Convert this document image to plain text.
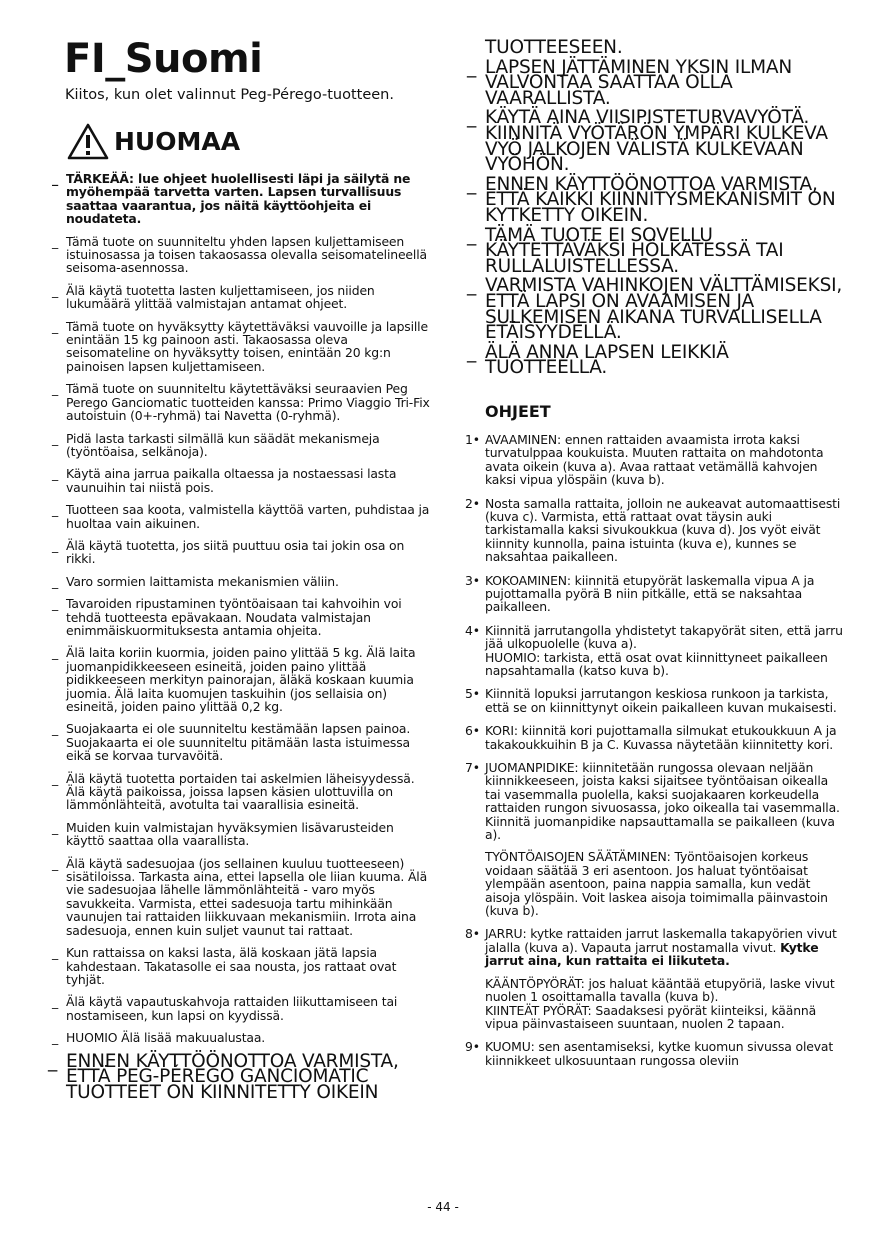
FI_Suomi
Kiitos, kun olet valinnut Peg-Pérego-tuotteen.
HUOMAA
_ TÄRKEÄÄ: lue ohjeet huolellisesti läpi ja säilytä ne myöhempää tarvetta varten. Lapsen turvallisuus saattaa vaarantua, jos näitä käyttöohjeita ei noudateta.
_ Tämä tuote on suunniteltu yhden lapsen kuljettamiseen istuinosassa ja toisen takaosassa olevalla seisomatelineellä seisoma-asennossa.
_ Älä käytä tuotetta lasten kuljettamiseen, jos niiden lukumäärä ylittää valmistajan antamat ohjeet.
_ Tämä tuote on hyväksytty käytettäväksi vauvoille ja lapsille enintään 15 kg painoon asti. Takaosassa oleva seisomateline on hyväksytty toisen, enintään 20 kg:n painoisen lapsen kuljettamiseen.
_ Tämä tuote on suunniteltu käytettäväksi seuraavien Peg Perego Ganciomatic tuotteiden kanssa: Primo Viaggio Tri-Fix autoistuin (0+-ryhmä) tai Navetta (0-ryhmä).
_ Pidä lasta tarkasti silmällä kun säädät mekanismeja (työntöaisa, selkänoja).
_ Käytä aina jarrua paikalla oltaessa ja nostaessasi lasta vaunuihin tai niistä pois.
_ Tuotteen saa koota, valmistella käyttöä varten, puhdistaa ja huoltaa vain aikuinen.
_ Älä käytä tuotetta, jos siitä puuttuu osia tai jokin osa on rikki.
_ Varo sormien laittamista mekanismien väliin.
_ Tavaroiden ripustaminen työntöaisaan tai kahvoihin voi tehdä tuotteesta epävakaan. Noudata valmistajan enimmäiskuormituksesta antamia ohjeita.
_ Älä laita koriin kuormia, joiden paino ylittää 5 kg. Älä laita juomanpidikkeeseen esineitä, joiden paino ylittää pidikkeeseen merkityn painorajan, äläkä koskaan kuumia juomia. Älä laita kuomujen taskuihin (jos sellaisia on) esineitä, joiden paino ylittää 0,2 kg.
_ Suojakaarta ei ole suunniteltu kestämään lapsen painoa. Suojakaarta ei ole suunniteltu pitämään lasta istuimessa eikä se korvaa turvavöitä.
_ Älä käytä tuotetta portaiden tai askelmien läheisyydessä. Älä käytä paikoissa, joissa lapsen käsien ulottuvilla on lämmönlähteitä, avotulta tai vaarallisia esineitä.
_ Muiden kuin valmistajan hyväksymien lisävarusteiden käyttö saattaa olla vaarallista.
_ Älä käytä sadesuojaa (jos sellainen kuuluu tuotteeseen) sisätiloissa. Tarkasta aina, ettei lapsella ole liian kuuma. Älä vie sadesuojaa lähelle lämmönlähteitä - varo myös savukkeita. Varmista, ettei sadesuoja tartu mihinkään vaunujen tai rattaiden liikkuvaan mekanismiin. Irrota aina sadesuoja, ennen kuin suljet vaunut tai rattaat.
_ Kun rattaissa on kaksi lasta, älä koskaan jätä lapsia kahdestaan. Takatasolle ei saa nousta, jos rattaat ovat tyhjät.
_ Älä käytä vapautuskahvoja rattaiden liikuttamiseen tai nostamiseen, kun lapsi on kyydissä.
_ HUOMIO Älä lisää makuualustaa.
_ ENNEN KÄYTTÖÖNOTTOA VARMISTA, ETTÄ PEG-PÉREGO GANCIOMATIC TUOTTEET ON KIINNITETTY OIKEIN
TUOTTEESEEN.
_ LAPSEN JÄTTÄMINEN YKSIN ILMAN VALVONTAA SAATTAA OLLA VAARALLISTA.
_ KÄYTÄ AINA VIISIPISTETURVAVYÖTÄ. KIINNITÄ VYÖTÄRÖN YMPÄRI KULKEVA VYÖ JALKOJEN VÄLISTÄ KULKEVAAN VYÖHÖN.
_ ENNEN KÄYTTÖÖNOTTOA VARMISTA, ETTÄ KAIKKI KIINNITYSMEKANISMIT ON KYTKETTY OIKEIN.
_ TÄMÄ TUOTE EI SOVELLU KÄYTETTÄVÄKSI HÖLKÄTESSÄ TAI RULLALUISTELLESSA.
_ VARMISTA VAHINKOJEN VÄLTTÄMISEKSI, ETTÄ LAPSI ON AVAAMISEN JA SULKEMISEN AIKANA TURVALLISELLA ETÄISYYDELLÄ.
_ ÄLÄ ANNA LAPSEN LEIKKIÄ TUOTTEELLA.
OHJEET
1• AVAAMINEN: ennen rattaiden avaamista irrota kaksi turvatulppaa koukuista. Muuten rattaita on mahdotonta avata oikein (kuva a). Avaa rattaat vetämällä kahvojen kaksi vipua ylöspäin (kuva b).
2• Nosta samalla rattaita, jolloin ne aukeavat automaattisesti (kuva c). Varmista, että rattaat ovat täysin auki tarkistamalla kaksi sivukoukkua (kuva d). Jos vyöt eivät kiinnity kunnolla, paina istuinta (kuva e), kunnes se naksahtaa paikalleen.
3• KOKOAMINEN: kiinnitä etupyörät laskemalla vipua A ja pujottamalla pyörä B niin pitkälle, että se naksahtaa paikalleen.
4• Kiinnitä jarrutangolla yhdistetyt takapyörät siten, että jarru jää ulkopuolelle (kuva a).
HUOMIO: tarkista, että osat ovat kiinnittyneet paikalleen napsahtamalla (katso kuva b).
5• Kiinnitä lopuksi jarrutangon keskiosa runkoon ja tarkista, että se on kiinnittynyt oikein paikalleen kuvan mukaisesti.
6• KORI: kiinnitä kori pujottamalla silmukat etukoukkuun A ja takakoukkuihin B ja C. Kuvassa näytetään kiinnitetty kori.
7• JUOMANPIDIKE: kiinnitetään rungossa olevaan neljään kiinnikkeeseen, joista kaksi sijaitsee työntöaisan oikealla tai vasemmalla puolella, kaksi suojakaaren korkeudella rattaiden rungon sivuosassa, joko oikealla tai vasemmalla. Kiinnitä juomanpidike napsauttamalla se paikalleen (kuva a).

TYÖNTÖAISOJEN SÄÄTÄMINEN: Työntöaisojen korkeus voidaan säätää 3 eri asentoon. Jos haluat työntöaisat ylempään asentoon, paina nappia samalla, kun vedät aisoja ylöspäin. Voit laskea aisoja toimimalla päinvastoin (kuva b).

8• JARRU: kytke rattaiden jarrut laskemalla takapyörien vivut jalalla (kuva a). Vapauta jarrut nostamalla vivut. Kytke jarrut aina, kun rattaita ei liikuteta.

KÄÄNTÖPYÖRÄT: jos haluat kääntää etupyöriä, laske vivut nuolen 1 osoittamalla tavalla (kuva b).
KIINTEÄT PYÖRÄT: Saadaksesi pyörät kiinteiksi, käännä vipua päinvastaiseen suuntaan, nuolen 2 tapaan.
9• KUOMU: sen asentamiseksi, kytke kuomun sivussa olevat kiinnikkeet ulkosuuntaan rungossa oleviin
- 44 -
